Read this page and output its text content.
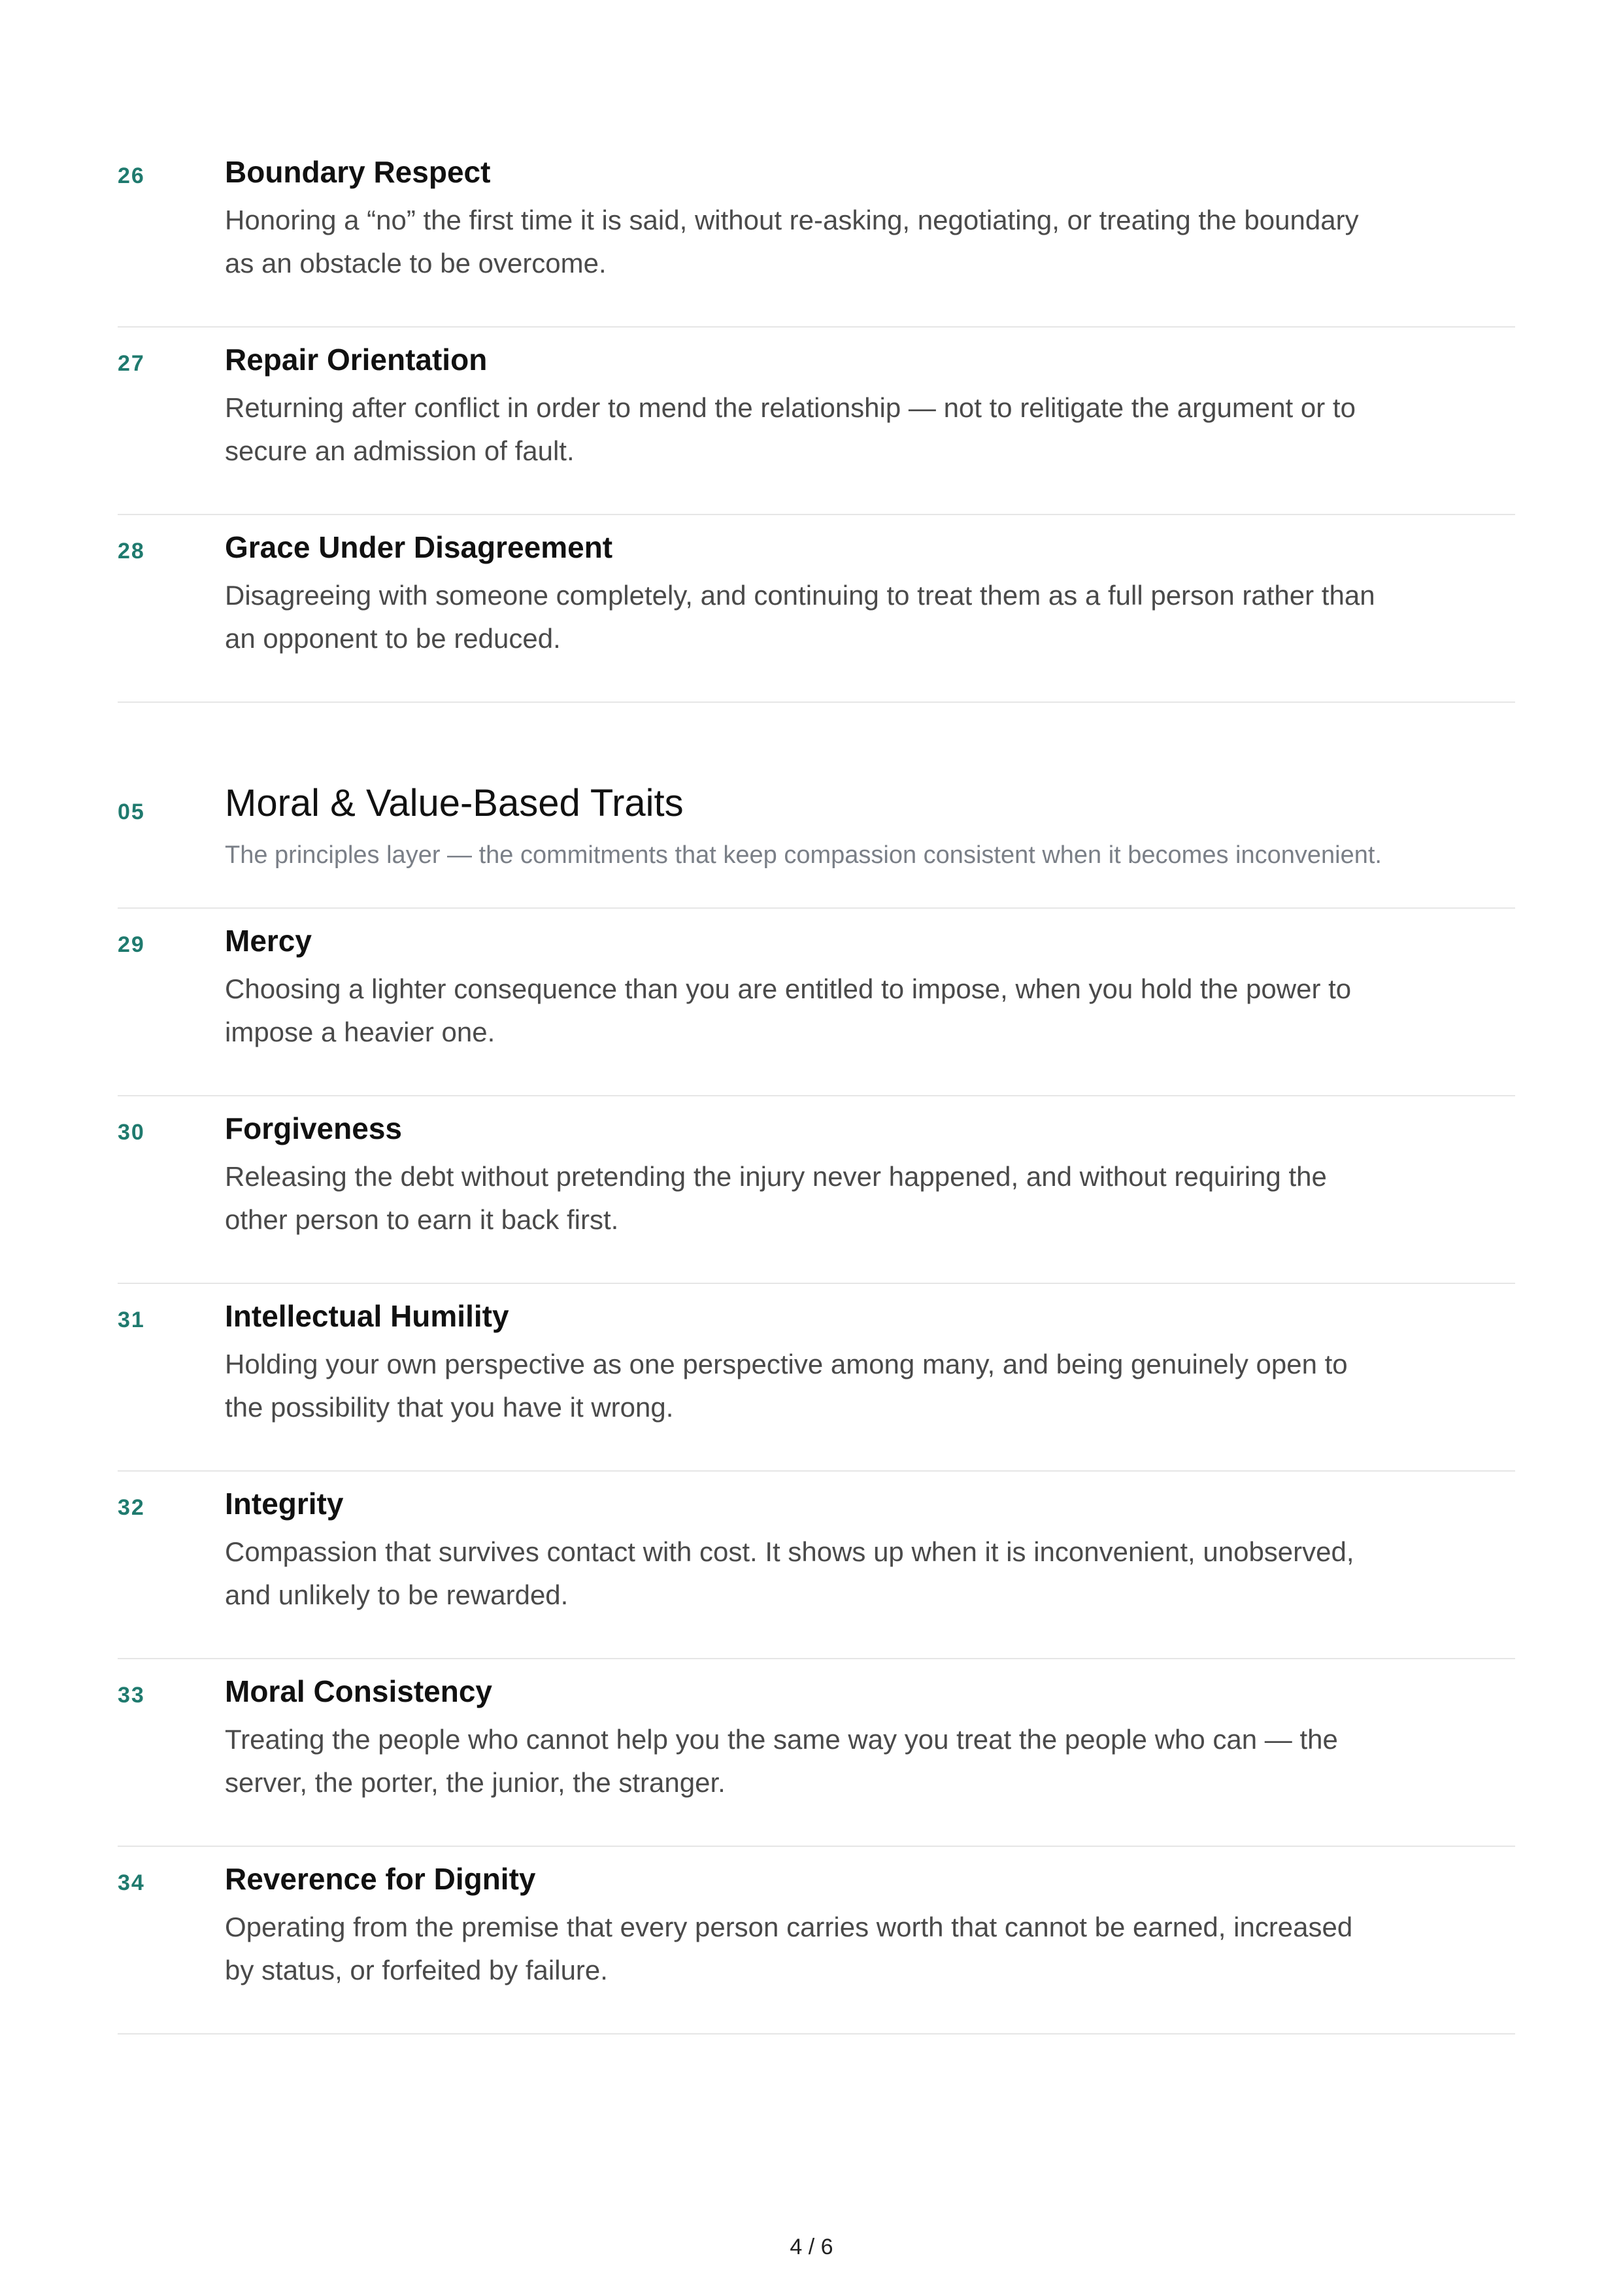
26	Boundary Respect
Honoring a “no” the first time it is said, without re-asking, negotiating, or treating the boundary as an obstacle to be overcome.
27	Repair Orientation
Returning after conflict in order to mend the relationship — not to relitigate the argument or to secure an admission of fault.
28	Grace Under Disagreement
Disagreeing with someone completely, and continuing to treat them as a full person rather than an opponent to be reduced.
05 Moral & Value-Based Traits
The principles layer — the commitments that keep compassion consistent when it becomes inconvenient.
29	Mercy
Choosing a lighter consequence than you are entitled to impose, when you hold the power to impose a heavier one.
30	Forgiveness
Releasing the debt without pretending the injury never happened, and without requiring the other person to earn it back first.
31	Intellectual Humility
Holding your own perspective as one perspective among many, and being genuinely open to the possibility that you have it wrong.
32	Integrity
Compassion that survives contact with cost. It shows up when it is inconvenient, unobserved, and unlikely to be rewarded.
33	Moral Consistency
Treating the people who cannot help you the same way you treat the people who can — the server, the porter, the junior, the stranger.
34	Reverence for Dignity
Operating from the premise that every person carries worth that cannot be earned, increased by status, or forfeited by failure.
4 / 6
